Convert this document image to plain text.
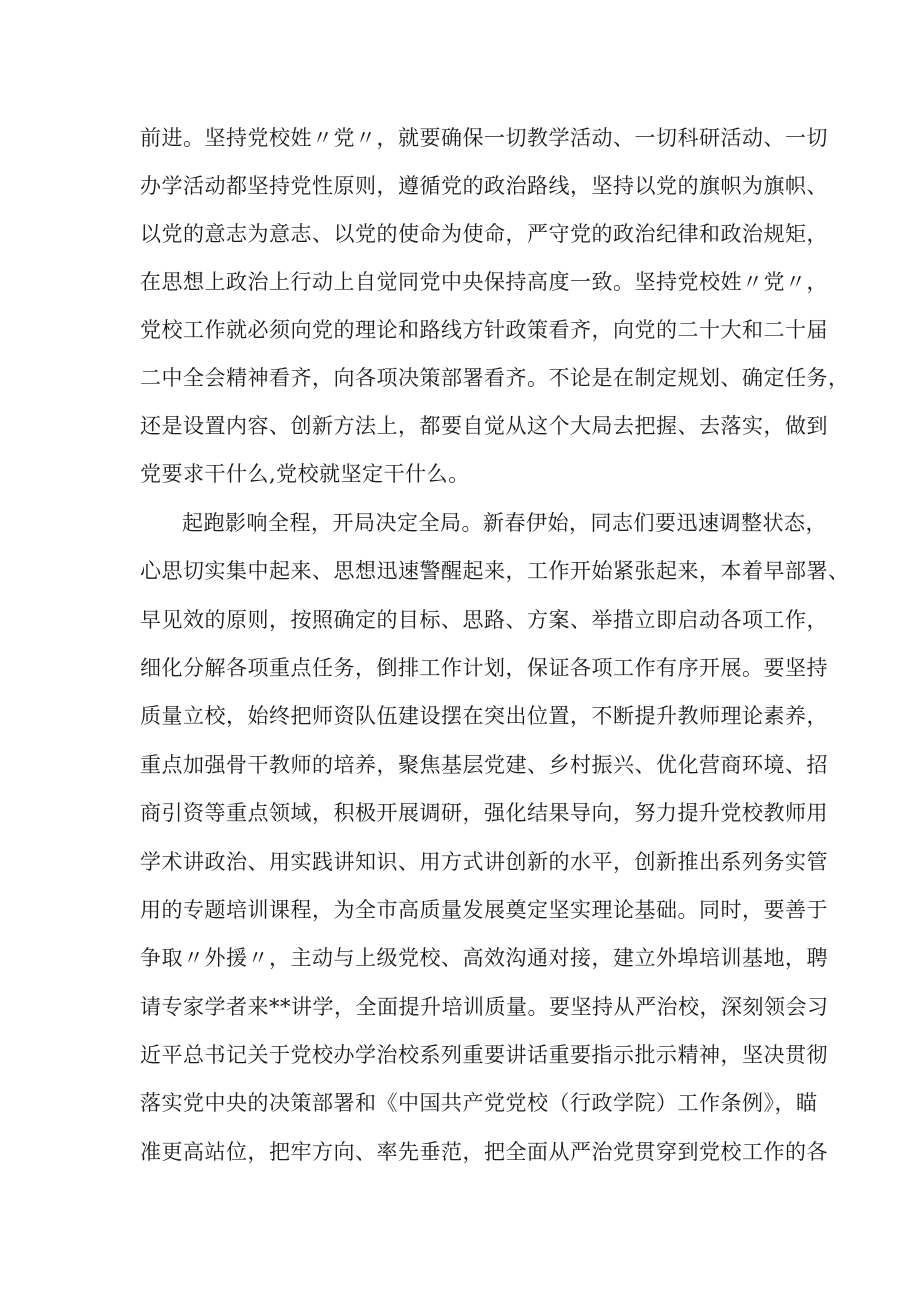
前进。坚持党校姓〃党〃，就要确保一切教学活动、一切科研活动、一切
办学活动都坚持党性原则，遵循党的政治路线，坚持以党的旗帜为旗帜、
以党的意志为意志、以党的使命为使命，严守党的政治纪律和政治规矩，
在思想上政治上行动上自觉同党中央保持高度一致。坚持党校姓〃党〃，
党校工作就必须向党的理论和路线方针政策看齐，向党的二十大和二十届
二中全会精神看齐，向各项决策部署看齐。不论是在制定规划、确定任务，
还是设置内容、创新方法上，都要自觉从这个大局去把握、去落实，做到
党要求干什么,党校就坚定干什么。
起跑影响全程，开局决定全局。新春伊始，同志们要迅速调整状态，
心思切实集中起来、思想迅速警醒起来，工作开始紧张起来，本着早部署、
早见效的原则，按照确定的目标、思路、方案、举措立即启动各项工作，
细化分解各项重点任务，倒排工作计划，保证各项工作有序开展。要坚持
质量立校，始终把师资队伍建设摆在突出位置，不断提升教师理论素养，
重点加强骨干教师的培养，聚焦基层党建、乡村振兴、优化营商环境、招
商引资等重点领域，积极开展调研，强化结果导向，努力提升党校教师用
学术讲政治、用实践讲知识、用方式讲创新的水平，创新推出系列务实管
用的专题培训课程，为全市高质量发展奠定坚实理论基础。同时，要善于
争取〃外援〃，主动与上级党校、高效沟通对接，建立外埠培训基地，聘
请专家学者来**讲学，全面提升培训质量。要坚持从严治校，深刻领会习
近平总书记关于党校办学治校系列重要讲话重要指示批示精神，坚决贯彻
落实党中央的决策部署和《中国共产党党校（行政学院）工作条例》，瞄
准更高站位，把牢方向、率先垂范，把全面从严治党贯穿到党校工作的各
